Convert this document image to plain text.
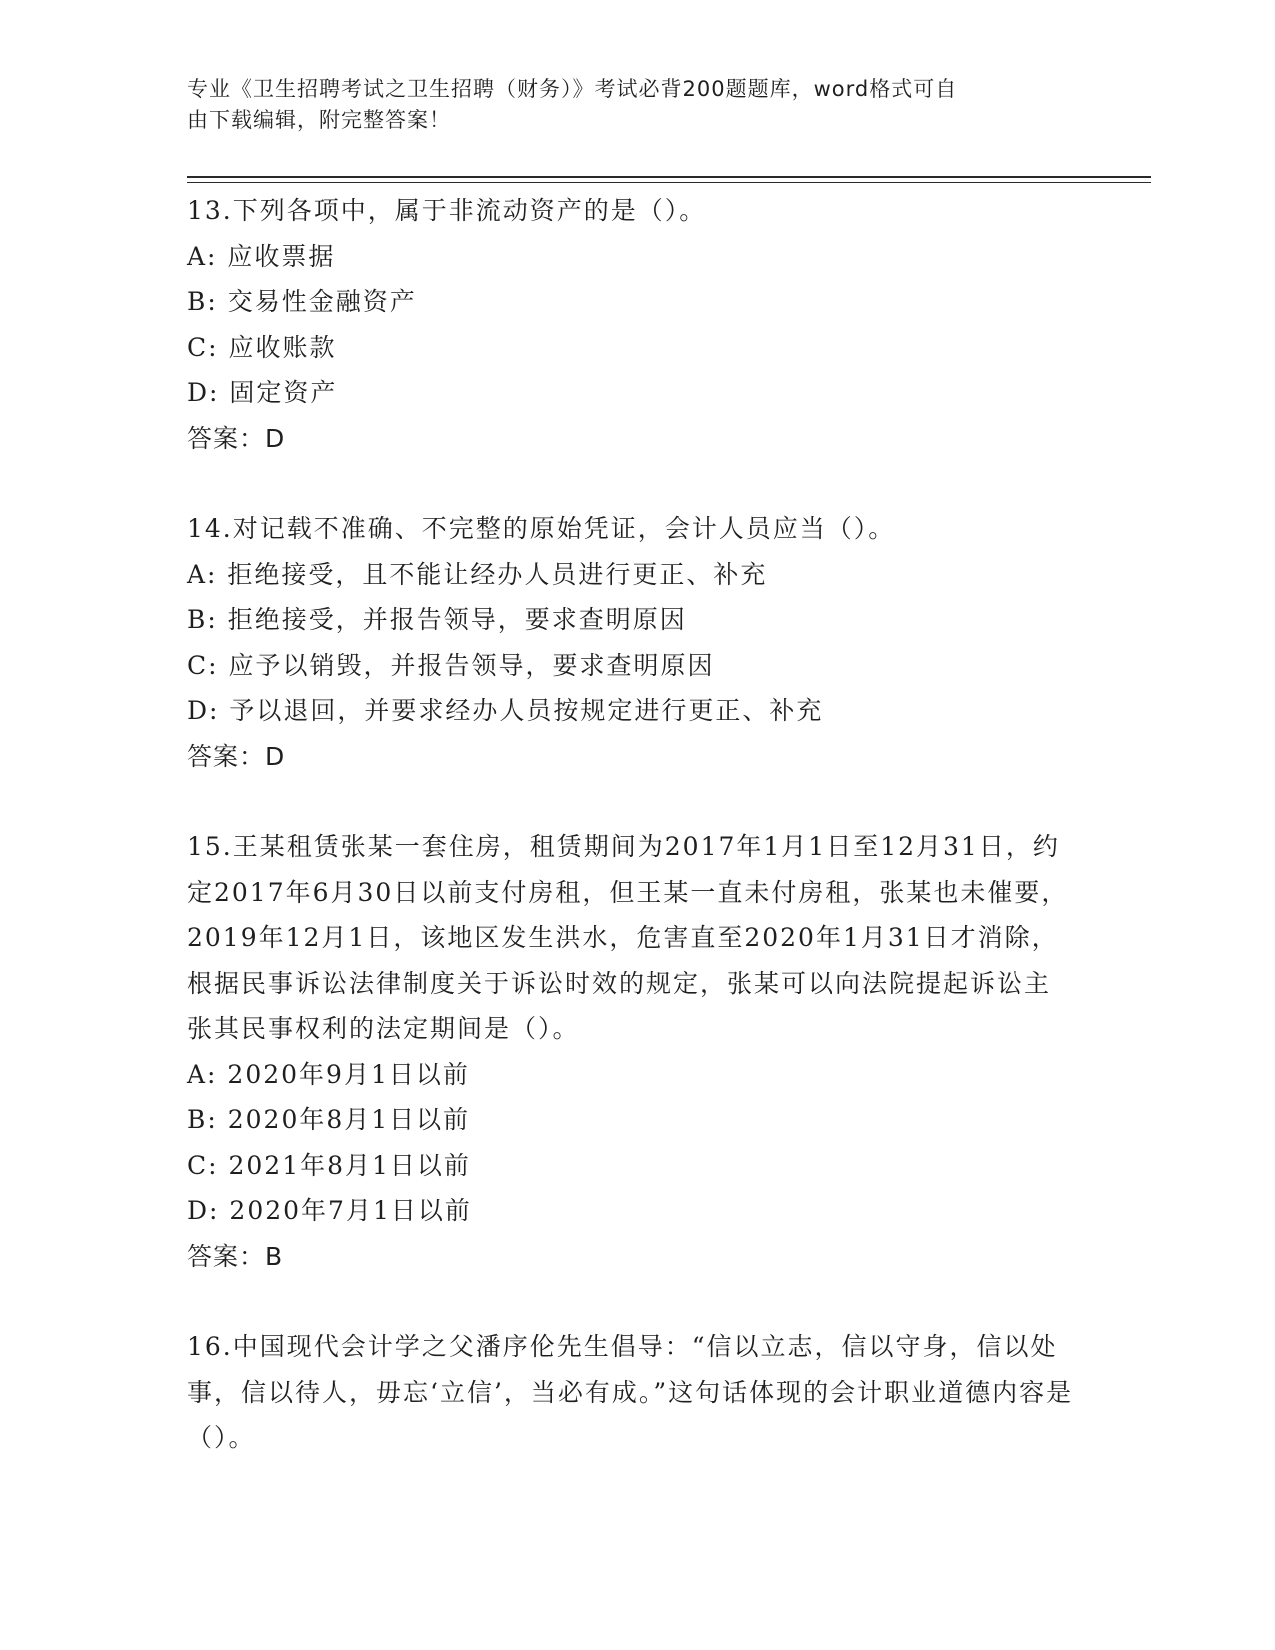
专业《卫生招聘考试之卫生招聘（财务）》考试必背200题题库，word格式可自
由下载编辑，附完整答案！

13.下列各项中，属于非流动资产的是（）。

A: 应收票据

B: 交易性金融资产

C: 应收账款

D: 固定资产

答案：D

14.对记载不准确、不完整的原始凭证，会计人员应当（）。

A: 拒绝接受，且不能让经办人员进行更正、补充

B: 拒绝接受，并报告领导，要求查明原因

C: 应予以销毁，并报告领导，要求查明原因

D: 予以退回，并要求经办人员按规定进行更正、补充

答案：D

15.王某租赁张某一套住房，租赁期间为2017年1月1日至12月31日，约定2017年6月30日以前支付房租，但王某一直未付房租，张某也未催要，2019年12月1日，该地区发生洪水，危害直至2020年1月31日才消除，根据民事诉讼法律制度关于诉讼时效的规定，张某可以向法院提起诉讼主张其民事权利的法定期间是（）。

A: 2020年9月1日以前

B: 2020年8月1日以前

C: 2021年8月1日以前

D: 2020年7月1日以前

答案：B

16.中国现代会计学之父潘序伦先生倡导：“信以立志，信以守身，信以处事，信以待人，毋忘‘立信’，当必有成。”这句话体现的会计职业道德内容是（）。
